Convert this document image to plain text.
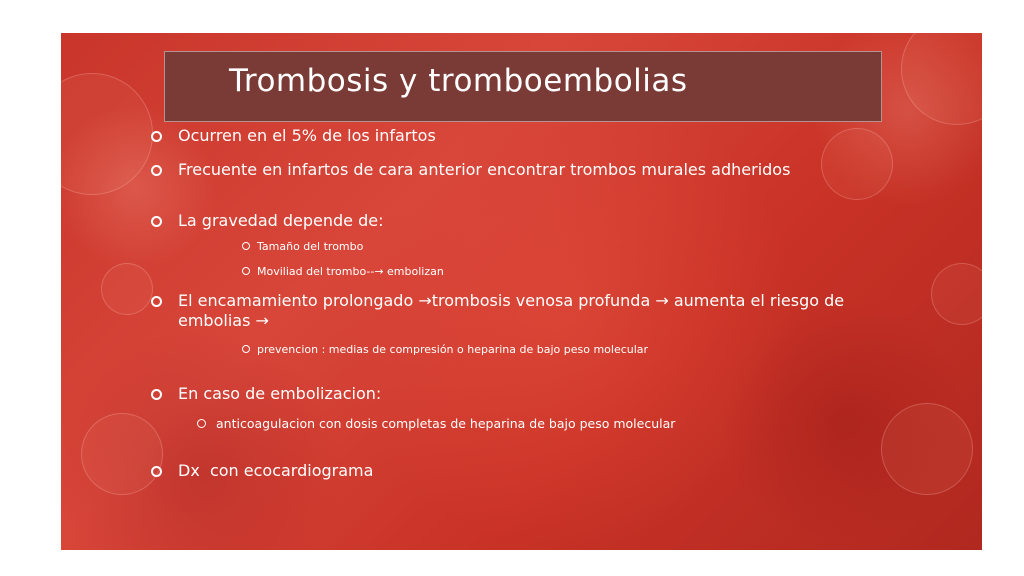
Trombosis y tromboembolias
Ocurren en el 5% de los infartos
Frecuente en infartos de cara anterior encontrar trombos murales adheridos
La gravedad depende de:
Tamaño del trombo
Moviliad del trombo--→ embolizan
El encamamiento prolongado →trombosis venosa profunda → aumenta el riesgo de embolias →
prevencion : medias de compresión o heparina de bajo peso molecular
En caso de embolizacion:
anticoagulacion con dosis completas de heparina de bajo peso molecular
Dx  con ecocardiograma
